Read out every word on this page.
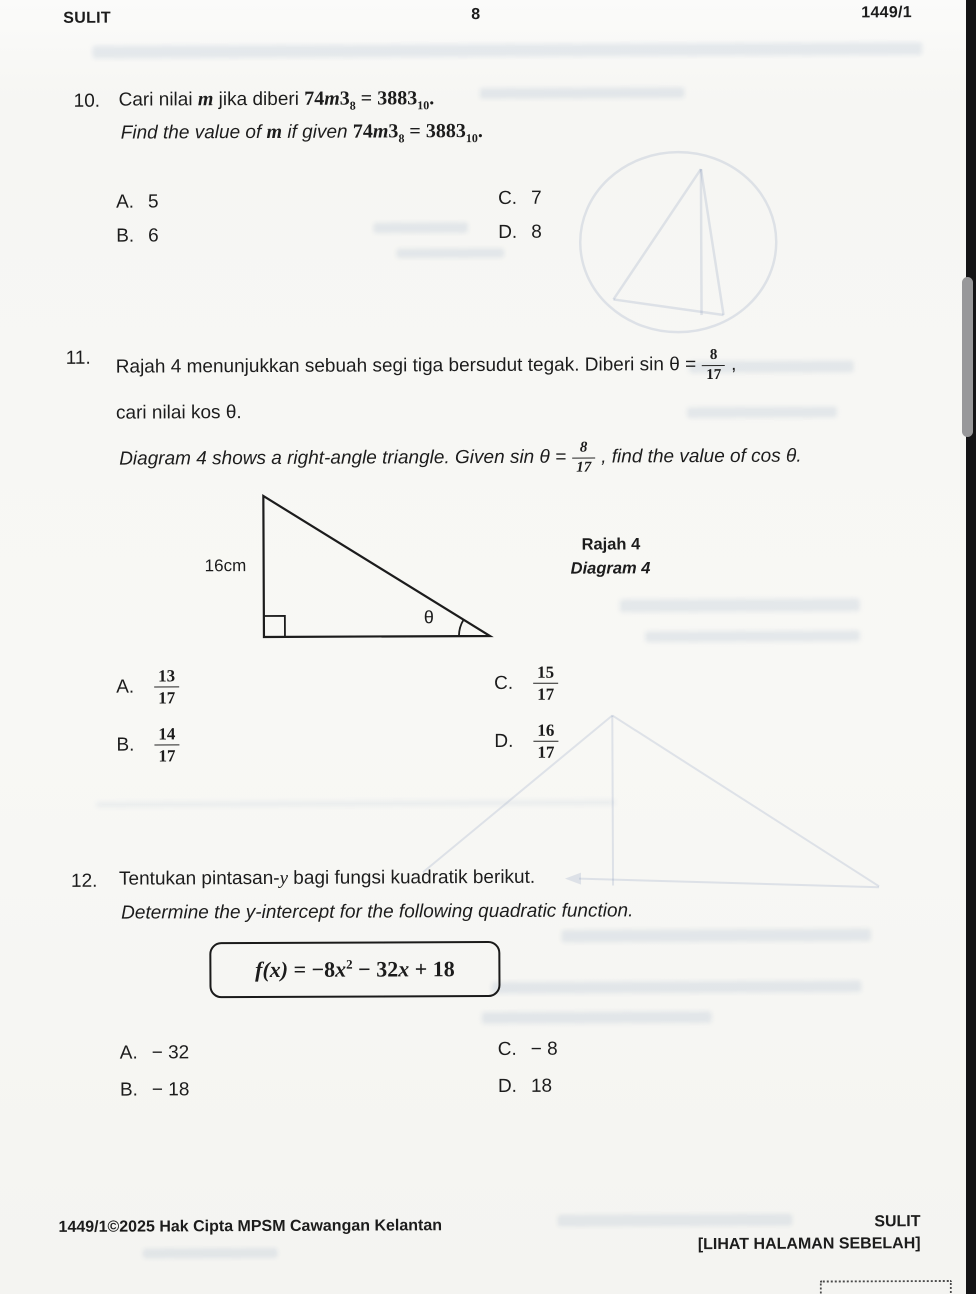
SULIT	8	1449/1
10. Cari nilai m jika diberi $74m3_8 = 3883_{10}$.
Find the value of m if given $74m3_8 = 3883_{10}$.
A. 5
B. 6
C. 7
D. 8
11. Rajah 4 menunjukkan sebuah segi tiga bersudut tegak. Diberi $\sin \theta = \frac{8}{17}$ ,
cari nilai kos θ.
Diagram 4 shows a right-angle triangle. Given $\sin \theta = \frac{8}{17}$ , find the value of cos θ.
16cm
θ
Rajah 4
Diagram 4
A. $\frac{13}{17}$
B. $\frac{14}{17}$
C. $\frac{15}{17}$
D. $\frac{16}{17}$
12. Tentukan pintasan-y bagi fungsi kuadratik berikut.
Determine the y-intercept for the following quadratic function.
$f(x) = -8x^2 - 32x + 18$
A. − 32
B. − 18
C. − 8
D. 18
1449/1©2025 Hak Cipta MPSM Cawangan Kelantan	SULIT
[LIHAT HALAMAN SEBELAH]
